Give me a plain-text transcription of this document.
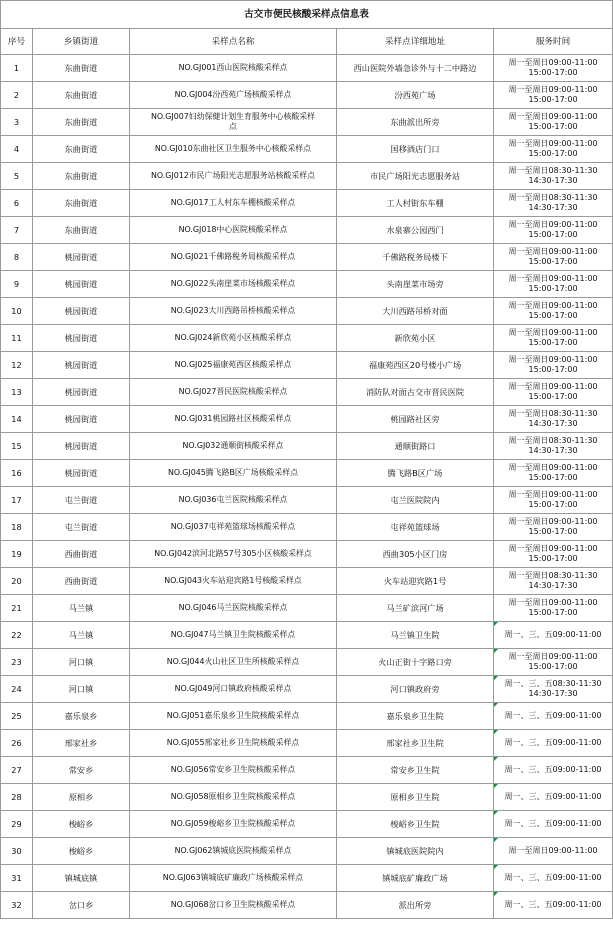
古交市便民核酸采样点信息表				
序号	乡镇街道	采样点名称	采样点详细地址	服务时间
1	东曲街道	NO.GJ001西山医院核酸采样点	西山医院外墙急诊外与十二中路边	周一至周日09:00-11:00
15:00-17:00

2	东曲街道	NO.GJ004汾西苑广场核酸采样点	汾西苑广场	周一至周日09:00-11:00
15:00-17:00

3	东曲街道	NO.GJ007妇幼保健计划生育服务中心核酸采样
点	东曲派出所旁	周一至周日09:00-11:00
15:00-17:00

4	东曲街道	NO.GJ010东曲社区卫生服务中心核酸采样点	国移酒店门口	周一至周日09:00-11:00
15:00-17:00

5	东曲街道	NO.GJ012市民广场阳光志愿服务站核酸采样点	市民广场阳光志愿服务站	周一至周日08:30-11:30
14:30-17:30

6	东曲街道	NO.GJ017工人村东车棚核酸采样点	工人村街东车棚	周一至周日08:30-11:30
14:30-17:30

7	东曲街道	NO.GJ018中心医院核酸采样点	水泉寨公园西门	周一至周日09:00-11:00
15:00-17:00

8	桃园街道	NO.GJ021千佛路税务局核酸采样点	千佛路税务局楼下	周一至周日09:00-11:00
15:00-17:00

9	桃园街道	NO.GJ022头南崖菜市场核酸采样点	头南崖菜市场旁	周一至周日09:00-11:00
15:00-17:00

10	桃园街道	NO.GJ023大川西路吊桥核酸采样点	大川西路吊桥对面	周一至周日09:00-11:00
15:00-17:00

11	桃园街道	NO.GJ024新欣苑小区核酸采样点	新欣苑小区	周一至周日09:00-11:00
15:00-17:00

12	桃园街道	NO.GJ025福康苑西区核酸采样点	福康苑西区20号楼小广场	周一至周日09:00-11:00
15:00-17:00

13	桃园街道	NO.GJ027晋民医院核酸采样点	消防队对面古交市晋民医院	周一至周日09:00-11:00
15:00-17:00

14	桃园街道	NO.GJ031桃园路社区核酸采样点	桃园路社区旁	周一至周日08:30-11:30
14:30-17:30

15	桃园街道	NO.GJ032通顺街核酸采样点	通顺街路口	周一至周日08:30-11:30
14:30-17:30

16	桃园街道	NO.GJ045腾飞路B区广场核酸采样点	腾飞路B区广场	周一至周日09:00-11:00
15:00-17:00

17	屯兰街道	NO.GJ036屯兰医院核酸采样点	屯兰医院院内	周一至周日09:00-11:00
15:00-17:00

18	屯兰街道	NO.GJ037屯祥苑篮球场核酸采样点	屯祥苑篮球场	周一至周日09:00-11:00
15:00-17:00

19	西曲街道	NO.GJ042滨河北路57号305小区核酸采样点	西曲305小区门房	周一至周日09:00-11:00
15:00-17:00

20	西曲街道	NO.GJ043火车站迎宾路1号核酸采样点	火车站迎宾路1号	周一至周日08:30-11:30
14:30-17:30

21	马兰镇	NO.GJ046马兰医院核酸采样点	马兰矿滨河广场	周一至周日09:00-11:00
15:00-17:00

22	马兰镇	NO.GJ047马兰镇卫生院核酸采样点	马兰镇卫生院	周一、三、五09:00-11:00

23	河口镇	NO.GJ044火山社区卫生所核酸采样点	火山正街十字路口旁	周一至周日09:00-11:00
15:00-17:00

24	河口镇	NO.GJ049河口镇政府核酸采样点	河口镇政府旁	周一、三、五08:30-11:30
14:30-17:30

25	嘉乐泉乡	NO.GJ051嘉乐泉乡卫生院核酸采样点	嘉乐泉乡卫生院	周一、三、五09:00-11:00

26	邢家社乡	NO.GJ055邢家社乡卫生院核酸采样点	邢家社乡卫生院	周一、三、五09:00-11:00

27	常安乡	NO.GJ056常安乡卫生院核酸采样点	常安乡卫生院	周一、三、五09:00-11:00

28	原相乡	NO.GJ058原相乡卫生院核酸采样点	原相乡卫生院	周一、三、五09:00-11:00

29	梭峪乡	NO.GJ059梭峪乡卫生院核酸采样点	梭峪乡卫生院	周一、三、五09:00-11:00

30	梭峪乡	NO.GJ062镇城底医院核酸采样点	镇城底医院院内	周一至周日09:00-11:00

31	镇城底镇	NO.GJ063镇城底矿廉政广场核酸采样点	镇城底矿廉政广场	周一、三、五09:00-11:00

32	岔口乡	NO.GJ068岔口乡卫生院核酸采样点	派出所旁	周一、三、五09:00-11:00
